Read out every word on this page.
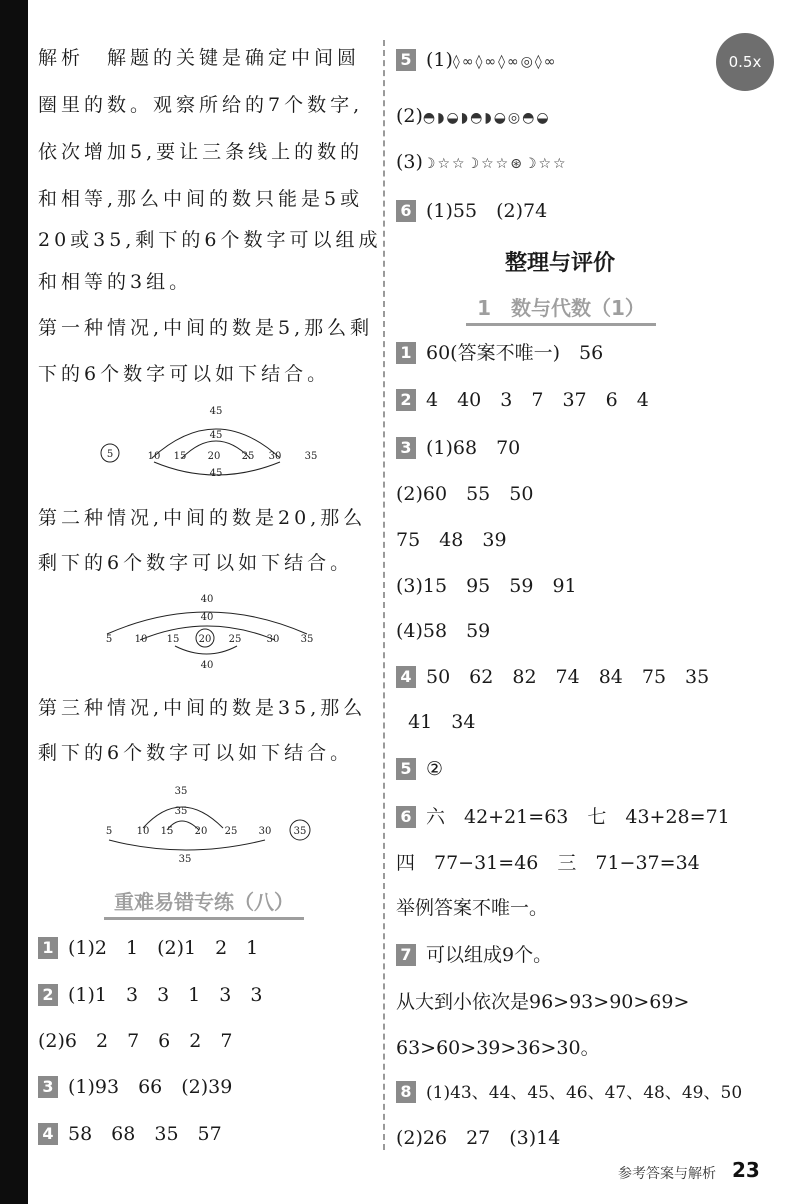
解析　解题的关键是确定中间圆
圈里的数。观察所给的7个数字,
依次增加5,要让三条线上的数的
和相等,那么中间的数只能是5或
20或35,剩下的6个数字可以组成
和相等的3组。
第一种情况,中间的数是5,那么剩
下的6个数字可以如下结合。
45
45
5	10 15 20 25 30 35
45
第二种情况,中间的数是20,那么
剩下的6个数字可以如下结合。
40
40
5 10 15 20 25	30 35
40
第三种情况,中间的数是35,那么
剩下的6个数字可以如下结合。
35
35
5 10 15 20 25 30 35
35
重难易错专练（八）
1 (1)2　1　(2)1　2　1
2 (1)1　3　3　1　3　3
(2)6　2　7　6　2　7
3 (1)93　66　(2)39
4 58　68　35　57
5 (1)◊∞◊∞◊∞◎◊∞
(2)◓◗◒◗◓◗◒◎◓◒
(3)☽☆☆☽☆☆⊛☽☆☆
6 (1)55　(2)74
整理与评价
1　数与代数（1）
1 60(答案不唯一)　56
2 4　40　3　7　37　6　4
3 (1)68　70
(2)60　55　50
75　48　39
(3)15　95　59　91
(4)58　59
4 50　62　82　74　84　75　35
41　34
5 ②
6 六　42+21=63　七　43+28=71
四　77−31=46　三　71−37=34
举例答案不唯一。
7 可以组成9个。
从大到小依次是96>93>90>69>
63>60>39>36>30。
8 (1)43、44、45、46、47、48、49、50
(2)26　27　(3)14
0.5x
参考答案与解析 23
